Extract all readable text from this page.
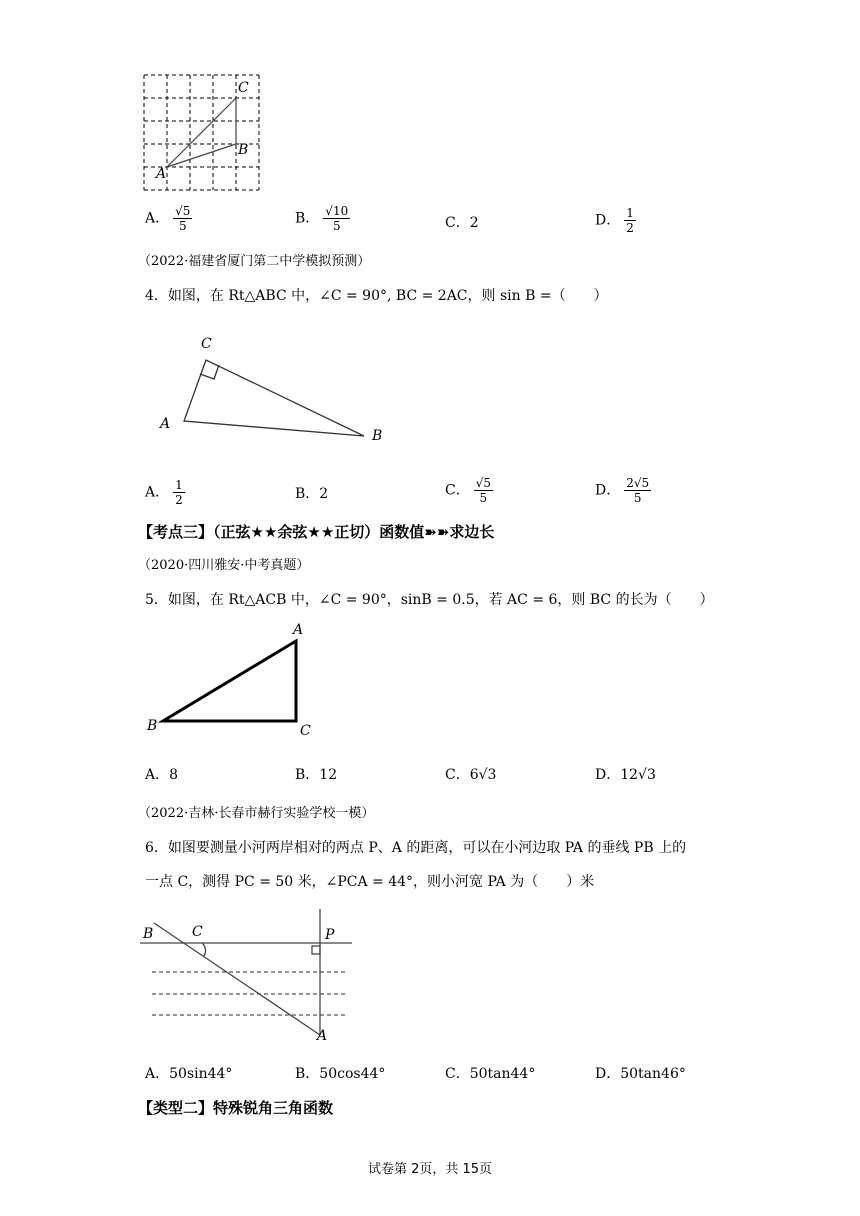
C
B
A
A． $\frac{√5}{5}$	B． $\frac{√10}{5}$	C．2	D． $\frac{1}{2}$
（2022·福建省厦门第二中学模拟预测）
4．如图，在 Rt△ABC 中，∠C = 90°, BC = 2AC，则 sin B =（　　）
C
A
B
A． $\frac{1}{2}$	B．2	C． $\frac{√5}{5}$	D． $\frac{2√5}{5}$
【考点三】（正弦★★余弦★★正切）函数值➽➽求边长
（2020·四川雅安·中考真题）
5．如图，在 Rt△ACB 中，∠C = 90°，sinB = 0.5，若 AC = 6，则 BC 的长为（　　）
A
B	C
A．8	B．12	C．6√3	D．12√3
（2022·吉林·长春市赫行实验学校一模）
6．如图要测量小河两岸相对的两点 P、A 的距离，可以在小河边取 PA 的垂线 PB 上的
一点 C，测得 PC = 50 米，∠PCA = 44°，则小河宽 PA 为（　　）米
B	C	P
A
A．50sin44°	B．50cos44°	C．50tan44°	D．50tan46°
【类型二】特殊锐角三角函数
试卷第 2页，共 15页
